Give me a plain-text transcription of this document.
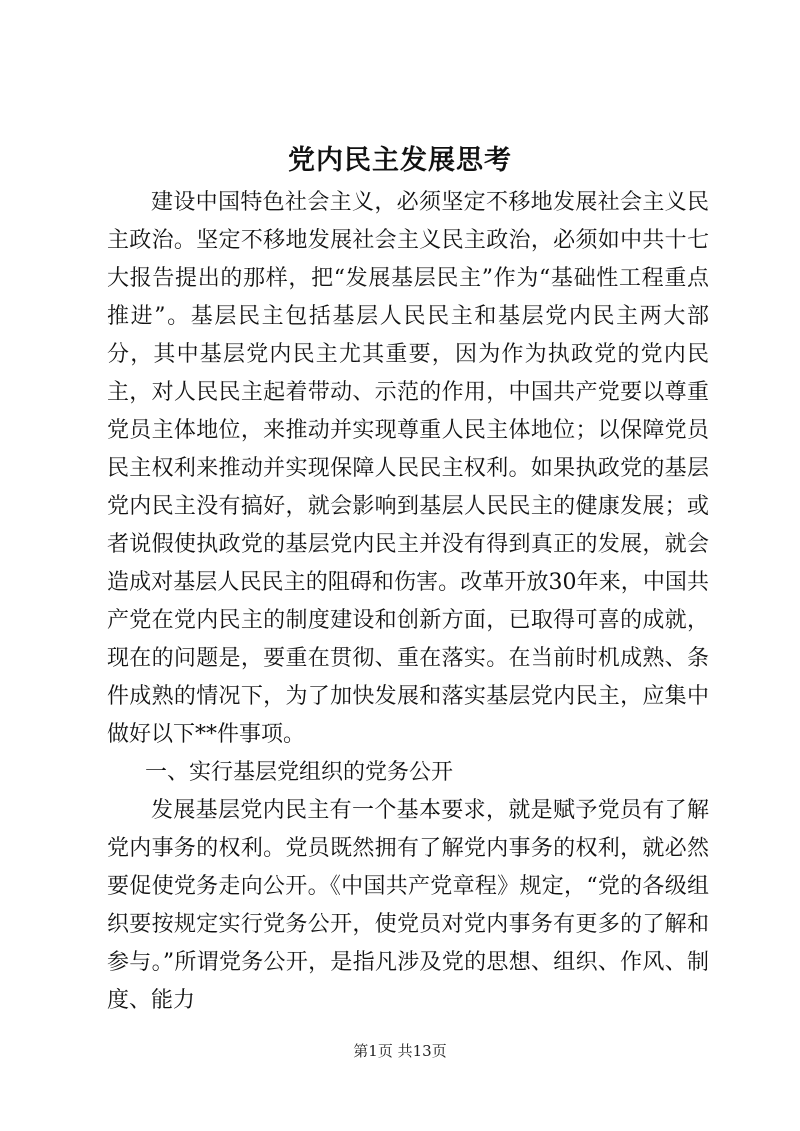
党内民主发展思考

建设中国特色社会主义，必须坚定不移地发展社会主义民主政治。坚定不移地发展社会主义民主政治，必须如中共十七大报告提出的那样，把“发展基层民主”作为“基础性工程重点推进”。基层民主包括基层人民民主和基层党内民主两大部分，其中基层党内民主尤其重要，因为作为执政党的党内民主，对人民民主起着带动、示范的作用，中国共产党要以尊重党员主体地位，来推动并实现尊重人民主体地位；以保障党员民主权利来推动并实现保障人民民主权利。如果执政党的基层党内民主没有搞好，就会影响到基层人民民主的健康发展；或者说假使执政党的基层党内民主并没有得到真正的发展，就会造成对基层人民民主的阻碍和伤害。改革开放30年来，中国共产党在党内民主的制度建设和创新方面，已取得可喜的成就，现在的问题是，要重在贯彻、重在落实。在当前时机成熟、条件成熟的情况下，为了加快发展和落实基层党内民主，应集中做好以下**件事项。

一、实行基层党组织的党务公开

发展基层党内民主有一个基本要求，就是赋予党员有了解党内事务的权利。党员既然拥有了解党内事务的权利，就必然要促使党务走向公开。《中国共产党章程》规定，“党的各级组织要按规定实行党务公开，使党员对党内事务有更多的了解和参与。”所谓党务公开，是指凡涉及党的思想、组织、作风、制度、能力

第1页 共13页
